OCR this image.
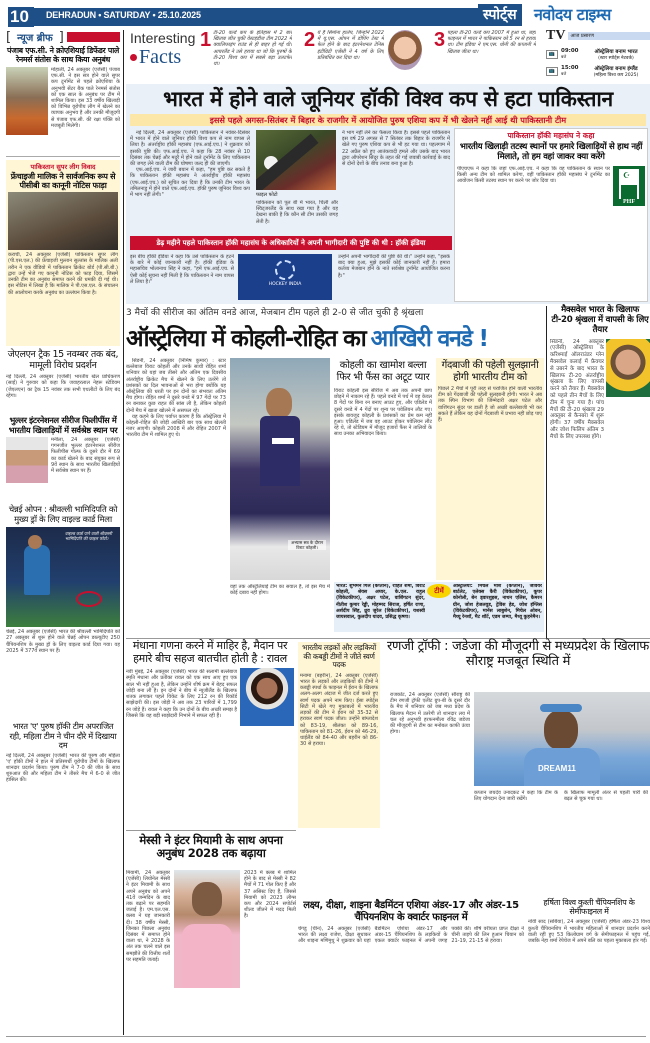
10	DEHRADUN • SATURDAY • 25.10.2025	स्पोर्ट्स	नवोदय टाइम्स
[ न्यूज ब्रीफ ]
पंजाब एफ.सी. ने क्रोएशियाई डिफेंडर पाले रेनमर्स संतोस के साथ किया अनुबंध
मोहाली, 24 अक्तूबर (एजेंसी) पंजाब एफ.सी. ने इस सत्र होने वाले सुपर कप टूर्नामेंट से पहले क्रोएशिया के अनुभवी सेंटर बैक पाले रेनमर्स संतोस को एक साल के अनुबंध पर टीम में शामिल किया। इस 33 वर्षीय खिलाड़ी को विभिन्न यूरोपीय लीग में खेलने का व्यापक अनुभव है और उनकी मौजूदगी से पंजाब एफ.सी. की रक्षा पंक्ति को मजबूती मिलेगी।
पाकिस्तान सुपर लीग विवाद
फ्रेंचाइजी मालिक ने सार्वजनिक रूप से पीसीबी का कानूनी नोटिस फाड़ा
कराची, 24 अक्तूबर (एजेंसी) पाकिस्तान सुपर लीग (पी.एस.एल.) की फ्रेंचाइजी मुल्तान सुल्तांस के मालिक अली तरीन ने एक वीडियो में पाकिस्तान क्रिकेट बोर्ड (पी.सी.बी.) द्वारा उन्हें भेजे गए कानूनी नोटिस को फाड़ दिया, जिसमें उनकी टीम का अनुबंध समाप्त करने की धमकी दी गई थी। इस नोटिस में लिखा है कि मालिक ने पी.एस.एल. के संचालन की आलोचना करके अनुबंध का उल्लंघन किया है।
जेएलएन ट्रैक 15 नवम्बर तक बंद, मामूली विरोध प्रदर्शन
नई दिल्ली, 24 अक्तूबर (एजेंसी) भारतीय खेल प्राधिकरण (साई) ने गुरुवार को कहा कि जवाहरलाल नेहरू स्टेडियम (जेएलएन) का ट्रैक 15 नवंबर तक सभी एथलीटों के लिए बंद रहेगा।
भुल्लर इंटरनेशनल सीरीज फिलीपींस में भारतीय खिलाड़ियों में सर्वश्रेष्ठ स्थान पर
मनीला, 24 अक्तूबर (एजेंसी) गगनजीत भुल्लर इंटरनेशनल सीरीज फिलीपींस गोल्फ के दूसरे दौर में 69 का कार्ड खेलने के बाद संयुक्त रूप से 9वें स्थान के साथ भारतीय खिलाड़ियों में सर्वश्रेष्ठ स्थान पर हैं।
चेन्नई ओपन : श्रीवल्ली भामिदिपति को मुख्य ड्रॉ के लिए वाइल्ड कार्ड मिला
वाइल्ड कार्ड पाने वाली श्रीवल्ली भामिदिपति की फाइल फोटो।
चेन्नई, 24 अक्तूबर (एजेंसी) भारत की श्रीवल्ली भामिदिपति को 27 अक्तूबर से शुरू होने वाले चेन्नई ओपन डब्ल्यूटीए 250 चैंपियनशिप के मुख्य ड्रॉ के लिए वाइल्ड कार्ड दिया गया। वह 2025 में 377वें स्थान पर हैं।
भारत 'ए' पुरुष हॉकी टीम अपराजित रही, महिला टीम ने चीन दौरे में दिखाया दम
नई दिल्ली, 24 अक्तूबर (एजेंसी) भारत की पुरुष और महिला 'ए' हॉकी टीमों ने हाल में प्रतिस्पर्धी यूरोपीय टीमों के खिलाफ शानदार प्रदर्शन किया। पुरुष टीम ने 7-0 की जीत के साथ शुरुआत की और महिला टीम ने तीसरे मैच में 6-0 से जीत हासिल की।
Interesting
Facts
1 टी-20 वर्ल्ड कप के इतिहास में 2 बार खिताब जीत चुकी वेस्टइंडीज टीम 2022 में क्वालिफाइंग राउंड से ही बाहर हो गई थी। आयरलैंड ने उसे हराया था जो कि पुरुषों के टी-20 विश्व कप में सबसे बड़ा उलटफेर था।
2 ये हैं सिमोना हालेप, जिन्होंने 2022 में यू.एस. ओपन में डोपिंग टेस्ट में फेल होने के बाद इंटरनेशनल टेनिस इंटीग्रिटी एजेंसी ने 4 वर्ष के लिए प्रतिबंधित कर दिया था।
3 पहला टी-20 वर्ल्ड कप 2007 में हुआ था, जहां फाइनल में भारत ने पाकिस्तान को 5 रन से हराया था। टीम इंडिया ने एम.एस. धोनी की कप्तानी में खिताब जीता था।
TV	आज प्रसारण
📺	09:00
बजे
ऑस्ट्रेलिया बनाम भारत
(स्टार स्पोर्ट्स नेटवर्क)
📺	15:00
बजे
ऑस्ट्रेलिया बनाम इंग्लैंड
(महिला विश्व कप 2025)
भारत में होने वाले जूनियर हॉकी विश्व कप से हटा पाकिस्तान
इससे पहले अगस्त-सितंबर में बिहार के राजगीर में आयोजित पुरुष एशिया कप में भी खेलने नहीं आई थी पाकिस्तानी टीम

नई दिल्ली, 24 अक्तूबर (एजेंसी) पाकिस्तान ने नवंबर-दिसंबर में भारत में होने वाले जूनियर हॉकी विश्व कप से नाम वापस ले लिया है। अंतर्राष्ट्रीय हॉकी महासंघ (एफ.आई.एच.) ने शुक्रवार को इसकी पुष्टि की। एफ.आई.एच. ने कहा कि 28 नवंबर से 10 दिसंबर तक चेन्नई और मदुरै में होने वाले टूर्नामेंट के लिए पाकिस्तान की जगह लेने वाली टीम की घोषणा जल्द ही की जाएगी।

एफ.आई.एच. ने जारी बयान में कहा, "हम पुष्टि कर सकते हैं कि पाकिस्तान हॉकी महासंघ ने अंतर्राष्ट्रीय हॉकी महासंघ (एफ.आई.एच.) को सूचित कर दिया है कि उनकी टीम भारत के तमिलनाडु में होने वाले एफ.आई.एच. हॉकी पुरुष जूनियर विश्व कप में भाग नहीं लेगी।"	फाइल फोटो
पाकिस्तान को पूल बी में भारत, चिली और स्विट्जरलैंड के साथ रखा गया है और यह देखना बाकी है कि कौन सी टीम उसकी जगह लेती है।
ने भाग नहीं लेने का फैसला किया है। इससे पहले पाकिस्तान इस वर्ष 29 अगस्त से 7 सितंबर तक बिहार के राजगीर में खेले गए पुरुष एशिया कप से भी हट गया था। पहलगाम में 22 अप्रैल को हुए आतंकवादी हमले और उसके बाद भारत द्वारा ऑपरेशन सिंदूर के तहत की गई जवाबी कार्रवाई के बाद से दोनों देशों के बीच तनाव बना हुआ है।
पाकिस्तान हॉकी महासंघ ने कहा
भारतीय खिलाड़ी तटस्थ स्थानों पर हमारे खिलाड़ियों से हाथ नहीं मिलाते, तो हम वहां जाकर क्या करेंगे
पीएचएफ ने कहा कि जहां एफ.आई.एच. ने कहा कि वह पाकिस्तान के स्थान पर किसी अन्य टीम को शामिल करेगा, वहीं पाकिस्तान हॉकी महासंघ ने टूर्नामेंट का आयोजन किसी तटस्थ स्थान पर करने पर जोर दिया था।
☪
PHF
डेढ़ महीने पहले पाकिस्तान हॉकी महासंघ के अधिकारियों ने अपनी भागीदारी की पुष्टि की थी : हॉकी इंडिया
इस बीच हॉकी इंडिया ने कहा कि उसे पाकिस्तान के हटने के बारे में कोई जानकारी नहीं है। हॉकी इंडिया के महासचिव भोलानाथ सिंह ने कहा, "हमें एफ.आई.एच. से ऐसी कोई सूचना नहीं मिली है कि पाकिस्तान ने नाम वापस ले लिया है।"	HOCKEY INDIA
उन्होंने अपनी भागीदारी की पुष्टि की थी।" उन्होंने कहा, "इसके बाद क्या हुआ, मुझे इसकी कोई जानकारी नहीं है। हमारा कर्तव्य मेजबान होने के नाते सर्वश्रेष्ठ टूर्नामेंट आयोजित करना है।"
3 मैचों की सीरीज का अंतिम वनडे आज, मेजबान टीम पहले ही 2-0 से जीत चुकी है श्रृंखला
ऑस्ट्रेलिया में कोहली-रोहित का आखिरी वनडे !

सिडनी, 24 अक्तूबर (निमिष कुमार) : स्टार बल्लेबाज विराट कोहली और उनके साथी रोहित शर्मा शनिवार को यहां जब तीसरे और अंतिम एक दिवसीय अंतर्राष्ट्रीय क्रिकेट मैच में खेलने के लिए उतरेंगे तो प्रशंसकों का दिल भावनाओं से भरा होगा क्योंकि यह ऑस्ट्रेलिया की धरती पर इन दोनों का संभवतः अंतिम मैच होगा। रोहित शर्मा ने दूसरे वनडे में 97 गेंदों पर 73 रन बनाकर कुछ राहत की सांस ली है, लेकिन कोहली दोनों मैच में खाता खोलने में असफल रहे।

यह कहने के लिए पर्याप्त कारण हैं कि ऑस्ट्रेलिया में कोहली-रोहित की जोड़ी आखिरी बार एक साथ खेलती नजर आएगी। कोहली 2008 में और रोहित 2007 में भारतीय टीम में शामिल हुए थे।

अभ्यास सत्र के दौरान विराट कोहली।
वहां तक ऑस्ट्रेलियाई टीम का सवाल है, तो इस मैच में कोई दबाव नहीं होगा।
कोहली का खामोश बल्ला फिर भी फैंस का अटूट प्यार
विराट कोहली इस सीरीज में अब तक अपनी छाप छोड़ने में नाकाम रहे हैं। पहले वनडे में पर्थ में वह केवल 8 गेंदों पर बिना रन बनाए आउट हुए, और एडिलेड में दूसरे वनडे में 4 गेंदों पर शून्य पर पवेलियन लौट गए। इसके बावजूद कोहली के प्रशंसकों का प्रेम कम नहीं हुआ। एडिलेड में जब वह आउट होकर पवेलियन लौट रहे थे, तो स्टेडियम में मौजूद हजारों फैंस ने तालियों के साथ उनका अभिवादन किया।
गेंदबाजी की पहेली सुलझानी होगी भारतीय टीम को
पिछले 2 मैचों में पूरी तरह से पराजित होने वाली भारतीय टीम को गेंदबाजी की पहेली सुलझानी होगी। भारत ने अब तक स्पिन विभाग की जिम्मेदारी अक्षर पटेल और वाशिंगटन सुंदर पर डाली है जो अच्छी बल्लेबाजी भी कर सकते हैं लेकिन यह दोनों गेंदबाजी में प्रभाव नहीं छोड़ पाए हैं।
भारत: शुभमन गिल (कप्तान), रोहित शर्मा, विराट कोहली, श्रेयस अय्यर, के.एल. राहुल (विकेटकीपर), अक्षर पटेल, वाशिंगटन सुंदर, नीतीश कुमार रेड्डी, मोहम्मद सिराज, हर्षित राणा, अर्शदीप सिंह, ध्रुव जुरेल (विकेटकीपर), यशस्वी जायसवाल, कुलदीप यादव, प्रसिद्ध कृष्णा।
टीमें
ऑस्ट्रेलिया: मिचेल मार्श (कप्तान), जेवियर बार्टलेट, एलेक्स कैरी (विकेटकीपर), कूपर कोनोली, बेन ड्वारशुइस, नाथन एलिस, कैमरन ग्रीन, जोश हेजलवुड, ट्रेविस हेड, जोश इंग्लिस (विकेटकीपर), मार्नस लाबुशेन, मिचेल ओवन, मैथ्यू रेनशॉ, मैट शॉर्ट, एडम जम्पा, मैथ्यू कुहनेमैन।
मैक्सवेल भारत के खिलाफ टी-20 श्रृंखला में वापसी के लिए तैयार
सिडनी, 24 अक्तूबर (एजेंसी) ऑस्ट्रेलिया के करिश्माई ऑलराउंडर ग्लेन मैक्सवेल कलाई में फ्रैक्चर से उबरने के बाद भारत के खिलाफ टी-20 अंतर्राष्ट्रीय श्रृंखला के लिए वापसी करने को तैयार हैं। मैक्सवेल को पहले तीन मैचों के लिए टीम में चुना गया है। पांच मैचों की टी-20 श्रृंखला 29 अक्तूबर से कैनबरा में शुरू होगी। 37 वर्षीय मैक्सवेल और जोश फिलिप अंतिम 3 मैचों के लिए उपलब्ध होंगे।
मंधाना गणना करने में माहिर है, मैदान पर हमारे बीच सहज बातचीत होती है : रावल
नवी मुंबई, 24 अक्तूबर (एजेंसी) भारत की सलामी बल्लेबाज स्मृति मंधाना और प्रतीका रावल को एक साथ आए हुए एक साल भी नहीं हुआ है, लेकिन उन्होंने शीर्ष क्रम में बेहद सफल जोड़ी बना ली है। इन दोनों ने बीच में न्यूजीलैंड के खिलाफ शतक लगाकर पहले विकेट के लिए 212 रन की रिकॉर्ड साझेदारी की। इस जोड़ी ने अब तक 23 पारियों में 1,799 रन जोड़े हैं। रावल ने कहा कि उन दोनों के बीच अच्छी समझ है जिससे कि वह बड़ी साझेदारी निभाने में सफल रही हैं।
भारतीय लड़कों और लड़कियों की कबड्डी टीमों ने जीते स्वर्ण पदक
मनामा (बहरीन), 24 अक्तूबर (एजेंसी) भारत के लड़कों और लड़कियों की टीमों ने कबड्डी स्पर्धा के फाइनल में ईरान के खिलाफ अलग-अलग अंदाज में जीत दर्ज करते हुए स्वर्ण पदक अपने नाम किए। ईसा स्पोर्ट्स सिटी में खेले गए मुकाबलों में भारतीय लड़कों की टीम ने ईरान को 35-32 से हराकर स्वर्ण पदक जीता। उन्होंने बांग्लादेश को 83-19, श्रीलंका को 89-16, पाकिस्तान को 81-26, ईरान को 46-29, थाईलैंड को 84-40 और बहरीन को 86-30 से हराया।
रणजी ट्रॉफी : जडेजा की मौजूदगी से मध्यप्रदेश के खिलाफ सौराष्ट्र मजबूत स्थिति में
राजकोट, 24 अक्तूबर (एजेंसी) सौराष्ट्र की टीम रणजी ट्रॉफी एलीट ग्रुप-बी के दूसरे दौर के मैच में शनिवार को जब मध्य प्रदेश के खिलाफ मैदान में उतरेगी तो शानदार लय में चल रहे अनुभवी हरफनमौला रविंद्र जडेजा की मौजूदगी से टीम का मनोबल काफी ऊंचा होगा।
DREAM11
कप्तान जयदेव उनादकट ने कहा कि टीम के लिए योगदान देना जारी रखेंगे।
के खिलाफ मामूली अंतर से पहली पारी की बढ़त से चूक गया था।
मेस्सी ने इंटर मियामी के साथ अपना अनुबंध 2028 तक बढ़ाया
मियामी, 24 अक्तूबर (एजेंसी) लियोनेल मेस्सी ने इंटर मियामी के साथ अपने अनुबंध को अपने 41वें जन्मदिन के बाद तक बढ़ाने पर सहमति जताई है। एम.एल.एस. क्लब ने यह जानकारी दी। 38 वर्षीय मेस्सी, जिनका पिछला अनुबंध दिसंबर में समाप्त होने वाला था, ने 2028 के अंत तक चलने वाले इस समझौते की वित्तीय शर्तों पर सहमति जताई।
2023 में क्लब में शामिल होने के बाद से मेस्सी ने 82 मैचों में 71 गोल किए हैं और 37 असिस्ट दिए हैं, जिससे मियामी को 2023 लीग्स कप और 2024 सपोर्टर्स शील्ड जीतने में मदद मिली है।
लक्ष्य, दीक्षा, शाइना बैडमिंटन एशिया अंडर-17 और अंडर-15 चैंपियनशिप के क्वार्टर फाइनल में
चेंगडू (चीन), 24 अक्तूबर (एजेंसी) भारत की लक्ष्य राजेश, दीक्षा सुधाकर और शाइना मणिमुथु ने शुक्रवार को यहां बैडमिंटन एशिया अंडर-17 और अंडर-15 चैंपियनशिप के लड़कियों के एकल क्वार्टर फाइनल में अपनी जगह पक्की की। शीर्ष वरीयता प्राप्त दीक्षा ने चीनी ताइपे की लिन हुआन चियान को 21-19, 21-15 से हराया।
हर्षिता विश्व कुश्ती चैंपियनशिप के सेमीफाइनल में
नोवी साद (सर्बिया), 24 अक्तूबर (एजेंसी) हर्षिता अंडर-23 विश्व कुश्ती चैंपियनशिप में भारतीय महिलाओं में शानदार प्रदर्शन करने वाली रहीं हुए 53 किलोग्राम वर्ग के सेमीफाइनल में पहुंच गईं, जबकि नेहा शर्मा रेपेचेज में अपने बलि का पहला मुकाबला हार गईं।
